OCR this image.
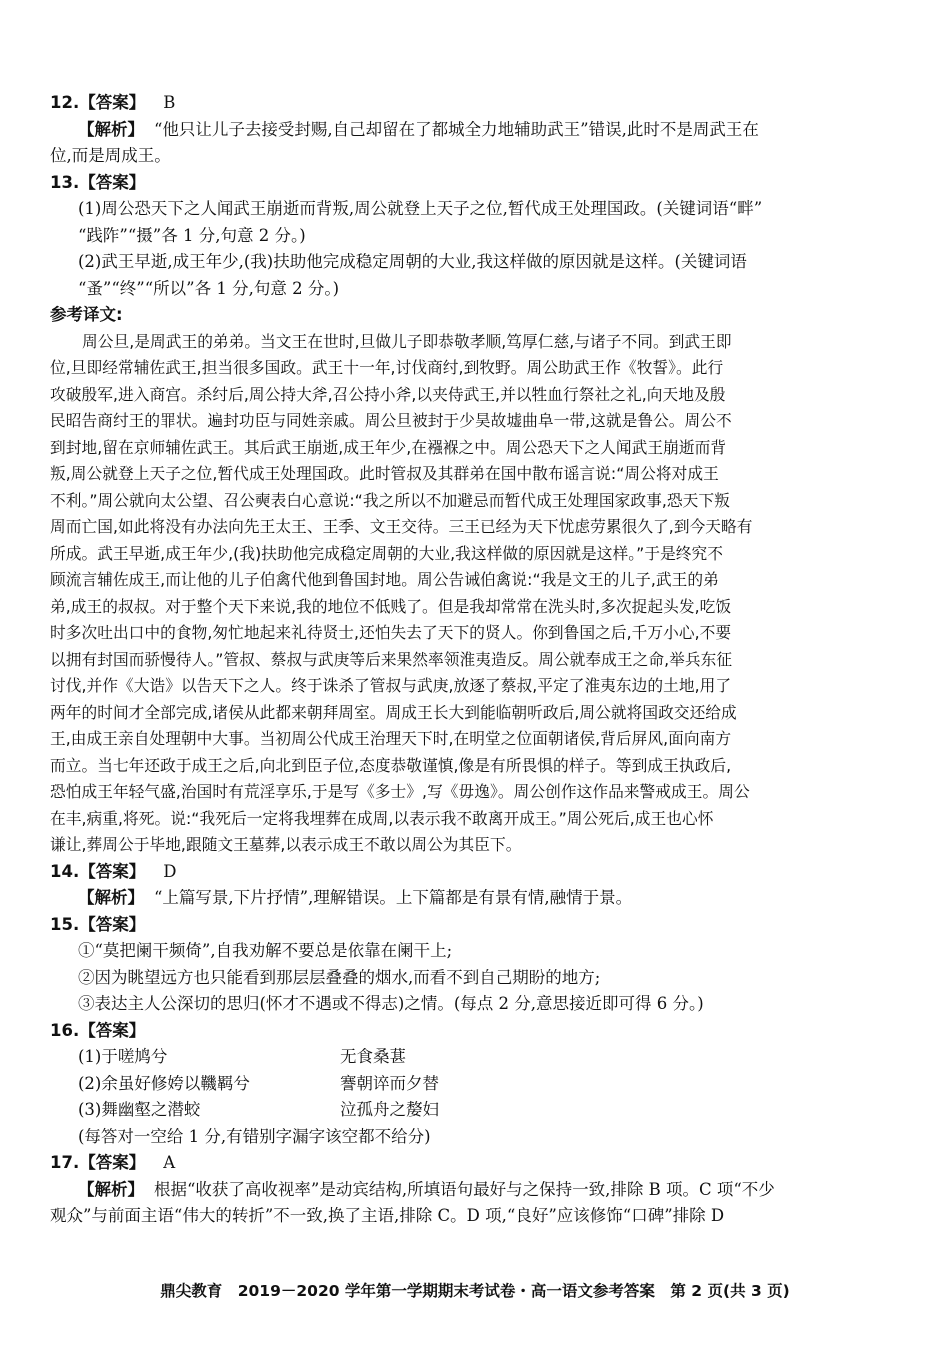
12.【答案】 B
【解析】 “他只让儿子去接受封赐,自己却留在了都城全力地辅助武王”错误,此时不是周武王在
位,而是周成王。
13.【答案】
(1)周公恐天下之人闻武王崩逝而背叛,周公就登上天子之位,暂代成王处理国政。(关键词语“畔”
“践阼”“摄”各 1 分,句意 2 分。)
(2)武王早逝,成王年少,(我)扶助他完成稳定周朝的大业,我这样做的原因就是这样。(关键词语
“蚤”“终”“所以”各 1 分,句意 2 分。)
参考译文:
周公旦,是周武王的弟弟。当文王在世时,旦做儿子即恭敬孝顺,笃厚仁慈,与诸子不同。到武王即
位,旦即经常辅佐武王,担当很多国政。武王十一年,讨伐商纣,到牧野。周公助武王作《牧誓》。此行
攻破殷军,进入商宫。杀纣后,周公持大斧,召公持小斧,以夹侍武王,并以牲血行祭社之礼,向天地及殷
民昭告商纣王的罪状。遍封功臣与同姓亲戚。周公旦被封于少昊故墟曲阜一带,这就是鲁公。周公不
到封地,留在京师辅佐武王。其后武王崩逝,成王年少,在襁褓之中。周公恐天下之人闻武王崩逝而背
叛,周公就登上天子之位,暂代成王处理国政。此时管叔及其群弟在国中散布谣言说:“周公将对成王
不利。”周公就向太公望、召公奭表白心意说:“我之所以不加避忌而暂代成王处理国家政事,恐天下叛
周而亡国,如此将没有办法向先王太王、王季、文王交待。三王已经为天下忧虑劳累很久了,到今天略有
所成。武王早逝,成王年少,(我)扶助他完成稳定周朝的大业,我这样做的原因就是这样。”于是终究不
顾流言辅佐成王,而让他的儿子伯禽代他到鲁国封地。周公告诫伯禽说:“我是文王的儿子,武王的弟
弟,成王的叔叔。对于整个天下来说,我的地位不低贱了。但是我却常常在洗头时,多次捉起头发,吃饭
时多次吐出口中的食物,匆忙地起来礼待贤士,还怕失去了天下的贤人。你到鲁国之后,千万小心,不要
以拥有封国而骄慢待人。”管叔、蔡叔与武庚等后来果然率领淮夷造反。周公就奉成王之命,举兵东征
讨伐,并作《大诰》以告天下之人。终于诛杀了管叔与武庚,放逐了蔡叔,平定了淮夷东边的土地,用了
两年的时间才全部完成,诸侯从此都来朝拜周室。周成王长大到能临朝听政后,周公就将国政交还给成
王,由成王亲自处理朝中大事。当初周公代成王治理天下时,在明堂之位面朝诸侯,背后屏风,面向南方
而立。当七年还政于成王之后,向北到臣子位,态度恭敬谨慎,像是有所畏惧的样子。等到成王执政后,
恐怕成王年轻气盛,治国时有荒淫享乐,于是写《多士》,写《毋逸》。周公创作这作品来警戒成王。周公
在丰,病重,将死。说:“我死后一定将我埋葬在成周,以表示我不敢离开成王。”周公死后,成王也心怀
谦让,葬周公于毕地,跟随文王墓葬,以表示成王不敢以周公为其臣下。
14.【答案】 D
【解析】 “上篇写景,下片抒情”,理解错误。上下篇都是有景有情,融情于景。
15.【答案】
①“莫把阑干频倚”,自我劝解不要总是依靠在阑干上;
②因为眺望远方也只能看到那层层叠叠的烟水,而看不到自己期盼的地方;
③表达主人公深切的思归(怀才不遇或不得志)之情。(每点 2 分,意思接近即可得 6 分。)
16.【答案】
(1)于嗟鸠兮	无食桑葚
(2)余虽好修姱以鞿羁兮	謇朝谇而夕替
(3)舞幽壑之潜蛟	泣孤舟之嫠妇
(每答对一空给 1 分,有错别字漏字该空都不给分)
17.【答案】 A
【解析】 根据“收获了高收视率”是动宾结构,所填语句最好与之保持一致,排除 B 项。C 项“不少
观众”与前面主语“伟大的转折”不一致,换了主语,排除 C。D 项,“良好”应该修饰“口碑”排除 D
鼎尖教育　2019－2020 学年第一学期期末考试卷・高一语文参考答案　第 2 页(共 3 页)
